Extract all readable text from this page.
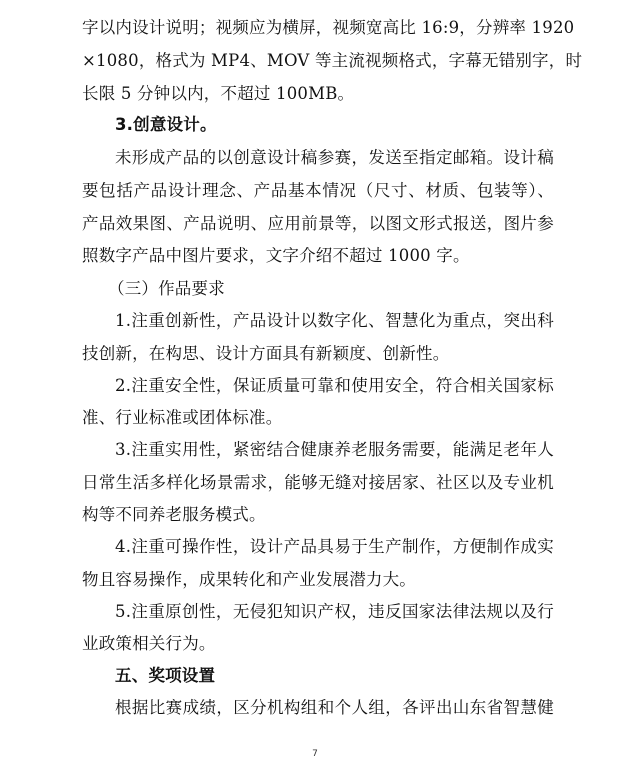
字以内设计说明；视频应为横屏，视频宽高比 16:9，分辨率 1920
×1080，格式为 MP4、MOV 等主流视频格式，字幕无错别字，时
长限 5 分钟以内，不超过 100MB。
3.创意设计。
未形成产品的以创意设计稿参赛，发送至指定邮箱。设计稿
要包括产品设计理念、产品基本情况（尺寸、材质、包装等）、
产品效果图、产品说明、应用前景等，以图文形式报送，图片参
照数字产品中图片要求，文字介绍不超过 1000 字。
（三）作品要求
1.注重创新性，产品设计以数字化、智慧化为重点，突出科
技创新，在构思、设计方面具有新颖度、创新性。
2.注重安全性，保证质量可靠和使用安全，符合相关国家标
准、行业标准或团体标准。
3.注重实用性，紧密结合健康养老服务需要，能满足老年人
日常生活多样化场景需求，能够无缝对接居家、社区以及专业机
构等不同养老服务模式。
4.注重可操作性，设计产品具易于生产制作，方便制作成实
物且容易操作，成果转化和产业发展潜力大。
5.注重原创性，无侵犯知识产权，违反国家法律法规以及行
业政策相关行为。
五、奖项设置
根据比赛成绩，区分机构组和个人组，各评出山东省智慧健
7
